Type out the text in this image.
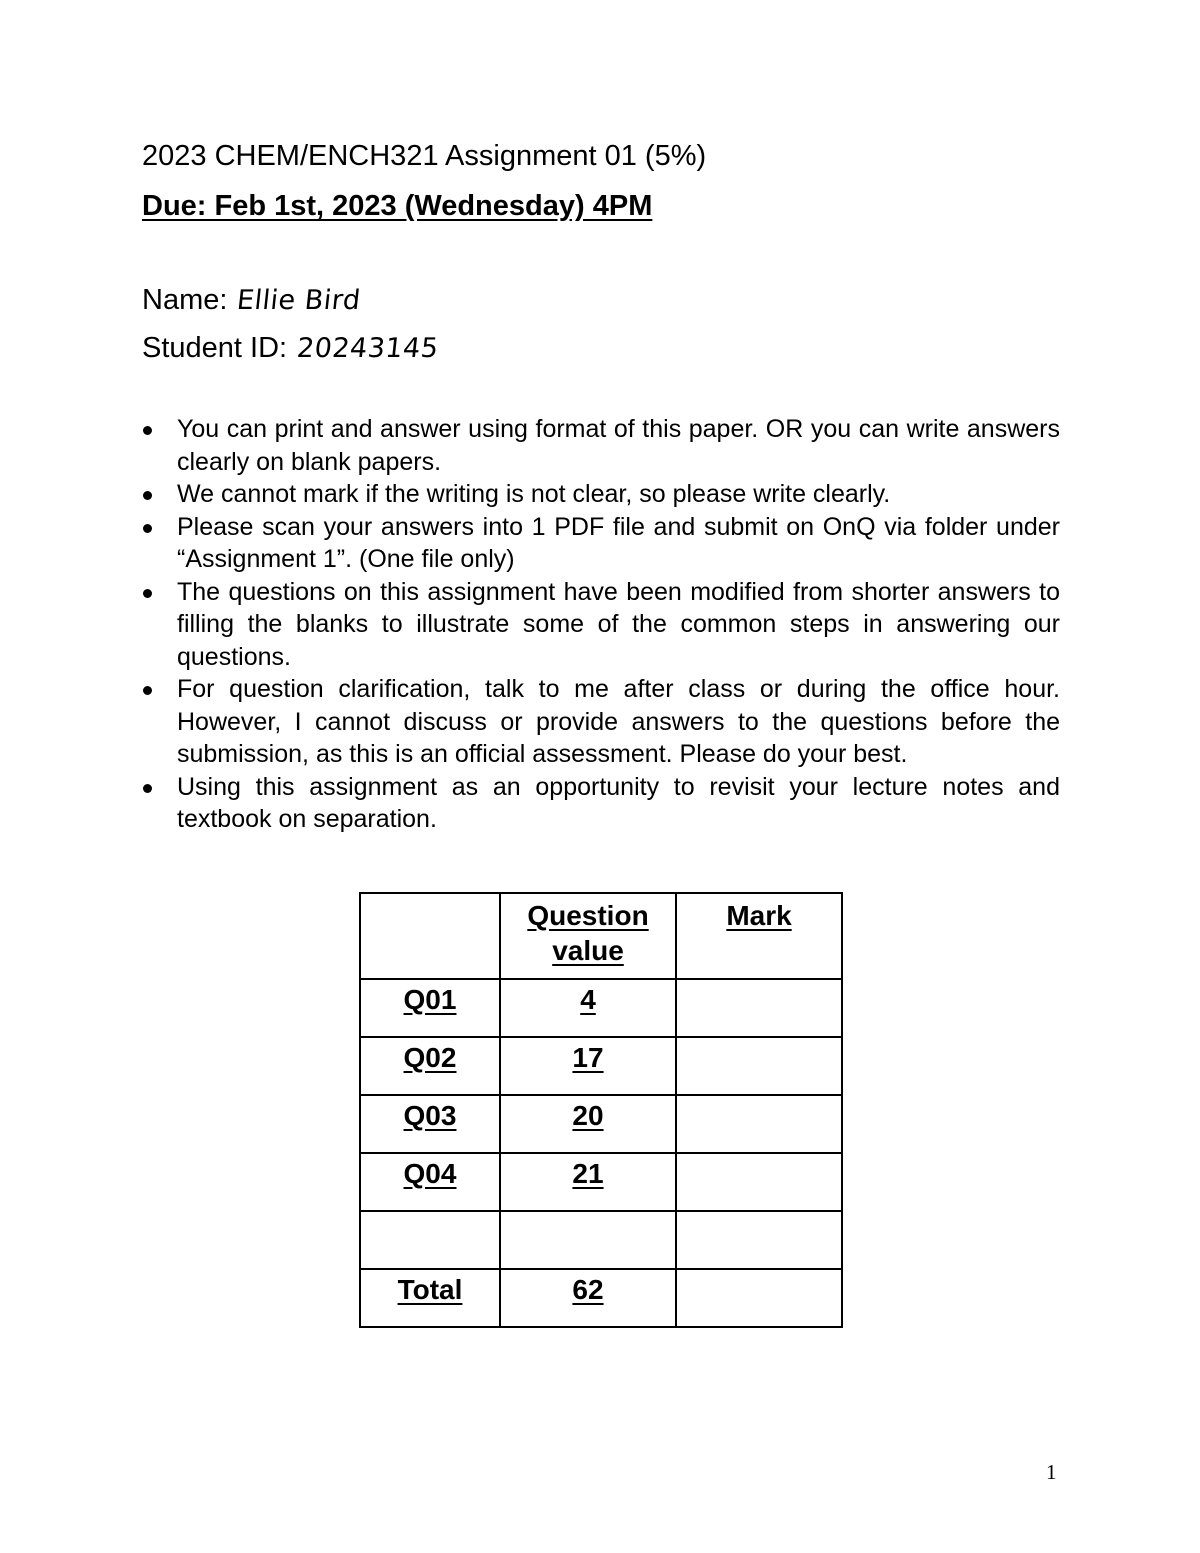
2023 CHEM/ENCH321 Assignment 01 (5%)
Due: Feb 1st, 2023 (Wednesday) 4PM
Name: Ellie Bird
Student ID: 20243145
You can print and answer using format of this paper. OR you can write answers clearly on blank papers.
We cannot mark if the writing is not clear, so please write clearly.
Please scan your answers into 1 PDF file and submit on OnQ via folder under “Assignment 1”. (One file only)
The questions on this assignment have been modified from shorter answers to filling the blanks to illustrate some of the common steps in answering our questions.
For question clarification, talk to me after class or during the office hour. However, I cannot discuss or provide answers to the questions before the submission, as this is an official assessment. Please do your best.
Using this assignment as an opportunity to revisit your lecture notes and textbook on separation.
	Question value	Mark
Q01	4	
Q02	17	
Q03	20	
Q04	21	

Total	62	
1
